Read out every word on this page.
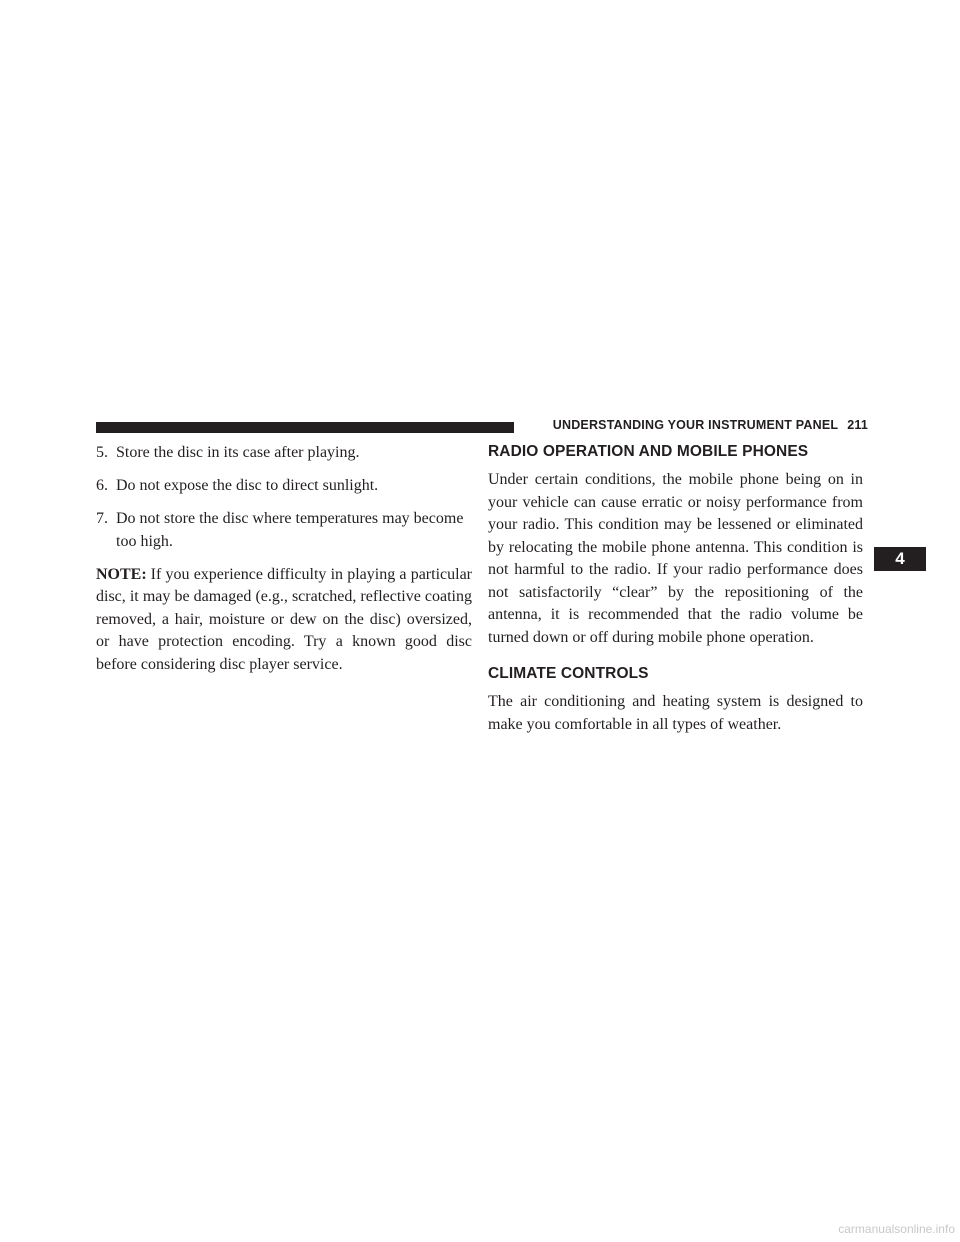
UNDERSTANDING YOUR INSTRUMENT PANEL 211

5. Store the disc in its case after playing.

6. Do not expose the disc to direct sunlight.

7. Do not store the disc where temperatures may become too high.

NOTE: If you experience difficulty in playing a particular disc, it may be damaged (e.g., scratched, reflective coating removed, a hair, moisture or dew on the disc) oversized, or have protection encoding. Try a known good disc before considering disc player service.

RADIO OPERATION AND MOBILE PHONES

Under certain conditions, the mobile phone being on in your vehicle can cause erratic or noisy performance from your radio. This condition may be lessened or eliminated by relocating the mobile phone antenna. This condition is not harmful to the radio. If your radio performance does not satisfactorily “clear” by the repositioning of the antenna, it is recommended that the radio volume be turned down or off during mobile phone operation.

CLIMATE CONTROLS

The air conditioning and heating system is designed to make you comfortable in all types of weather.

4
carmanualsonline.info
